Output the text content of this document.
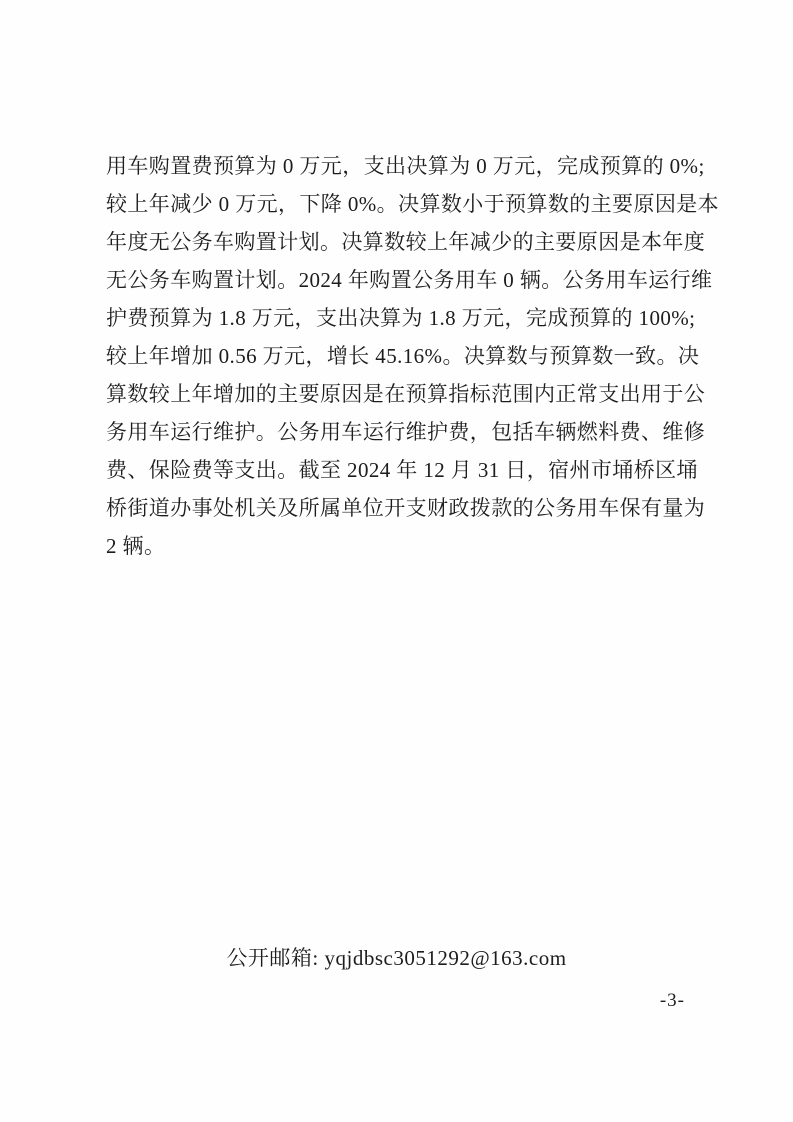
用车购置费预算为 0 万元，支出决算为 0 万元，完成预算的 0%;
较上年减少 0 万元，下降 0%。决算数小于预算数的主要原因是本
年度无公务车购置计划。决算数较上年减少的主要原因是本年度
无公务车购置计划。2024 年购置公务用车 0 辆。公务用车运行维
护费预算为 1.8 万元，支出决算为 1.8 万元，完成预算的 100%;
较上年增加 0.56 万元，增长 45.16%。决算数与预算数一致。决
算数较上年增加的主要原因是在预算指标范围内正常支出用于公
务用车运行维护。公务用车运行维护费，包括车辆燃料费、维修
费、保险费等支出。截至 2024 年 12 月 31 日，宿州市埇桥区埇
桥街道办事处机关及所属单位开支财政拨款的公务用车保有量为
2 辆。
公开邮箱: yqjdbsc3051292@163.com
-3-
